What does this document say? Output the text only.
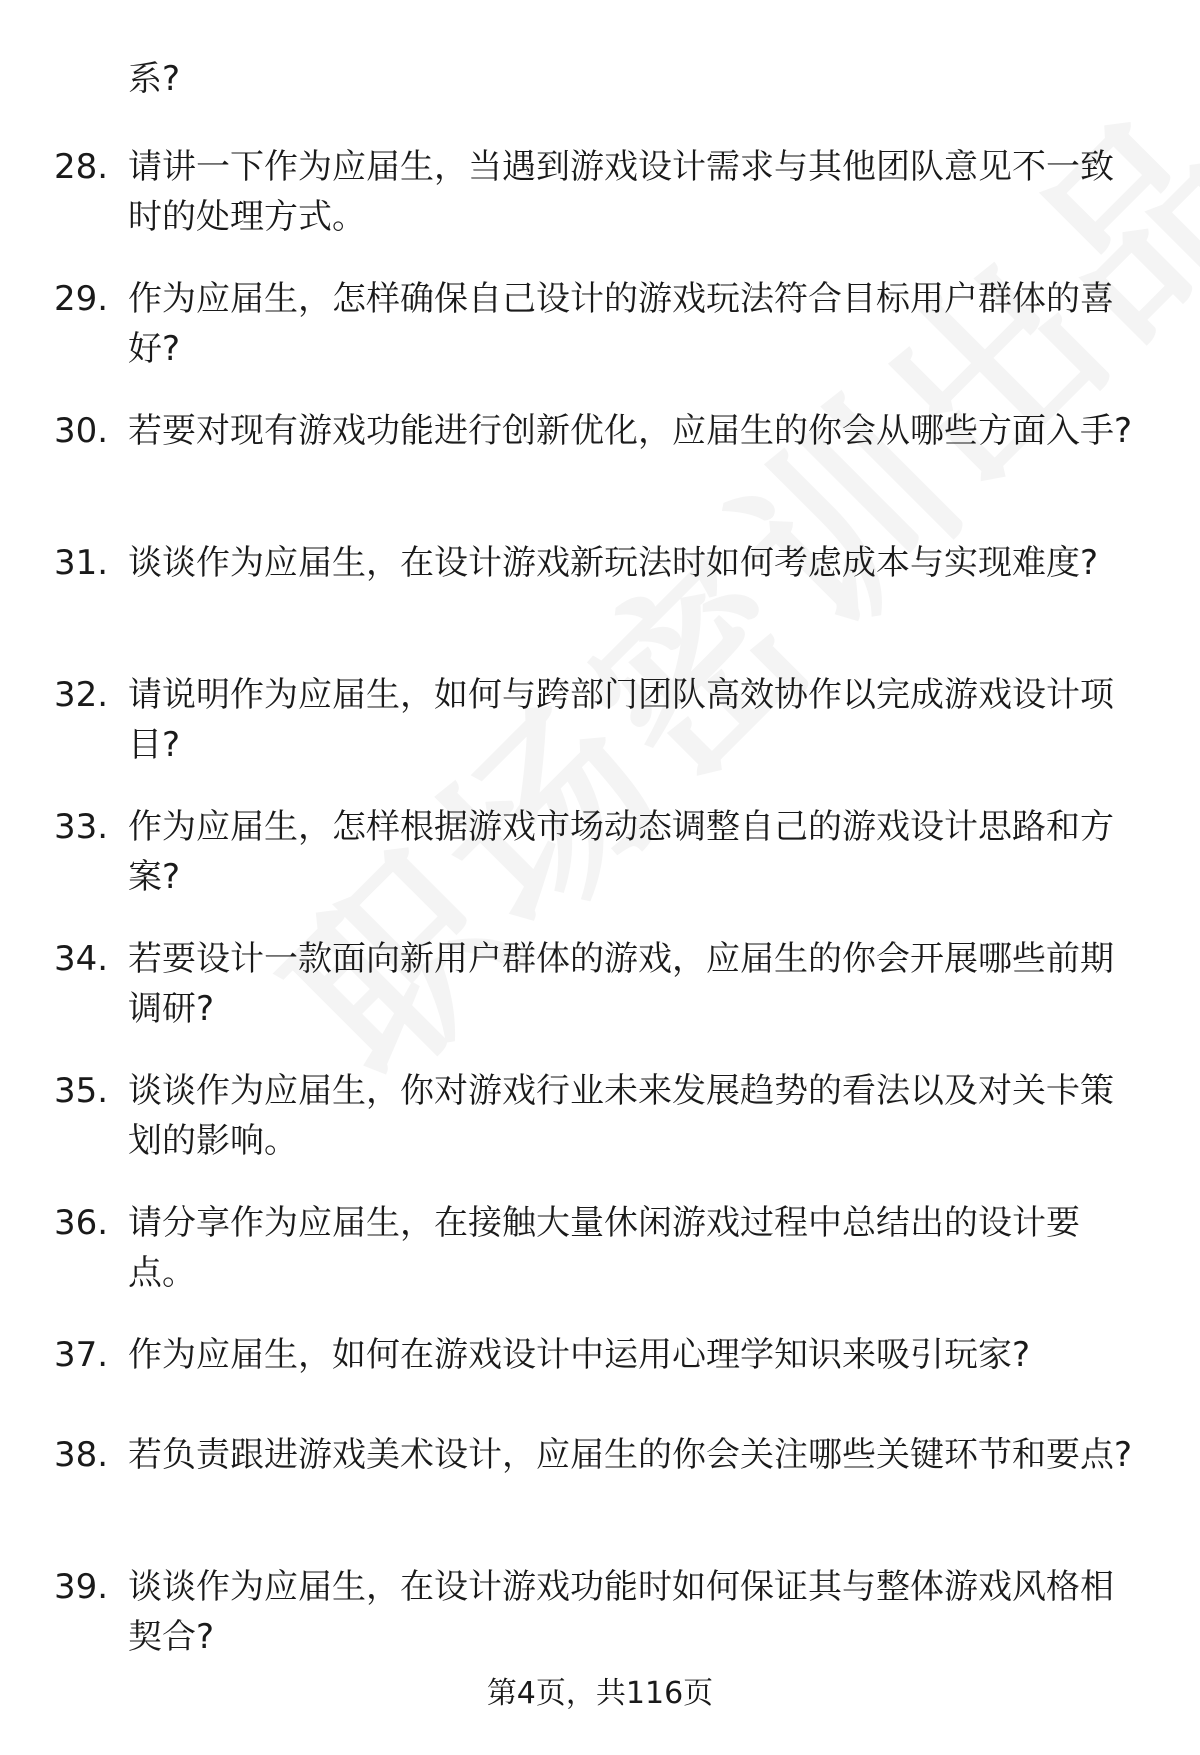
系?
28. 请讲一下作为应届生，当遇到游戏设计需求与其他团队意见不一致时的处理方式。
29. 作为应届生，怎样确保自己设计的游戏玩法符合目标用户群体的喜好?
30. 若要对现有游戏功能进行创新优化，应届生的你会从哪些方面入手?
31. 谈谈作为应届生，在设计游戏新玩法时如何考虑成本与实现难度?
32. 请说明作为应届生，如何与跨部门团队高效协作以完成游戏设计项目?
33. 作为应届生，怎样根据游戏市场动态调整自己的游戏设计思路和方案?
34. 若要设计一款面向新用户群体的游戏，应届生的你会开展哪些前期调研?
35. 谈谈作为应届生，你对游戏行业未来发展趋势的看法以及对关卡策划的影响。
36. 请分享作为应届生，在接触大量休闲游戏过程中总结出的设计要点。
37. 作为应届生，如何在游戏设计中运用心理学知识来吸引玩家?
38. 若负责跟进游戏美术设计，应届生的你会关注哪些关键环节和要点?
39. 谈谈作为应届生，在设计游戏功能时如何保证其与整体游戏风格相契合?
第4页，共116页
